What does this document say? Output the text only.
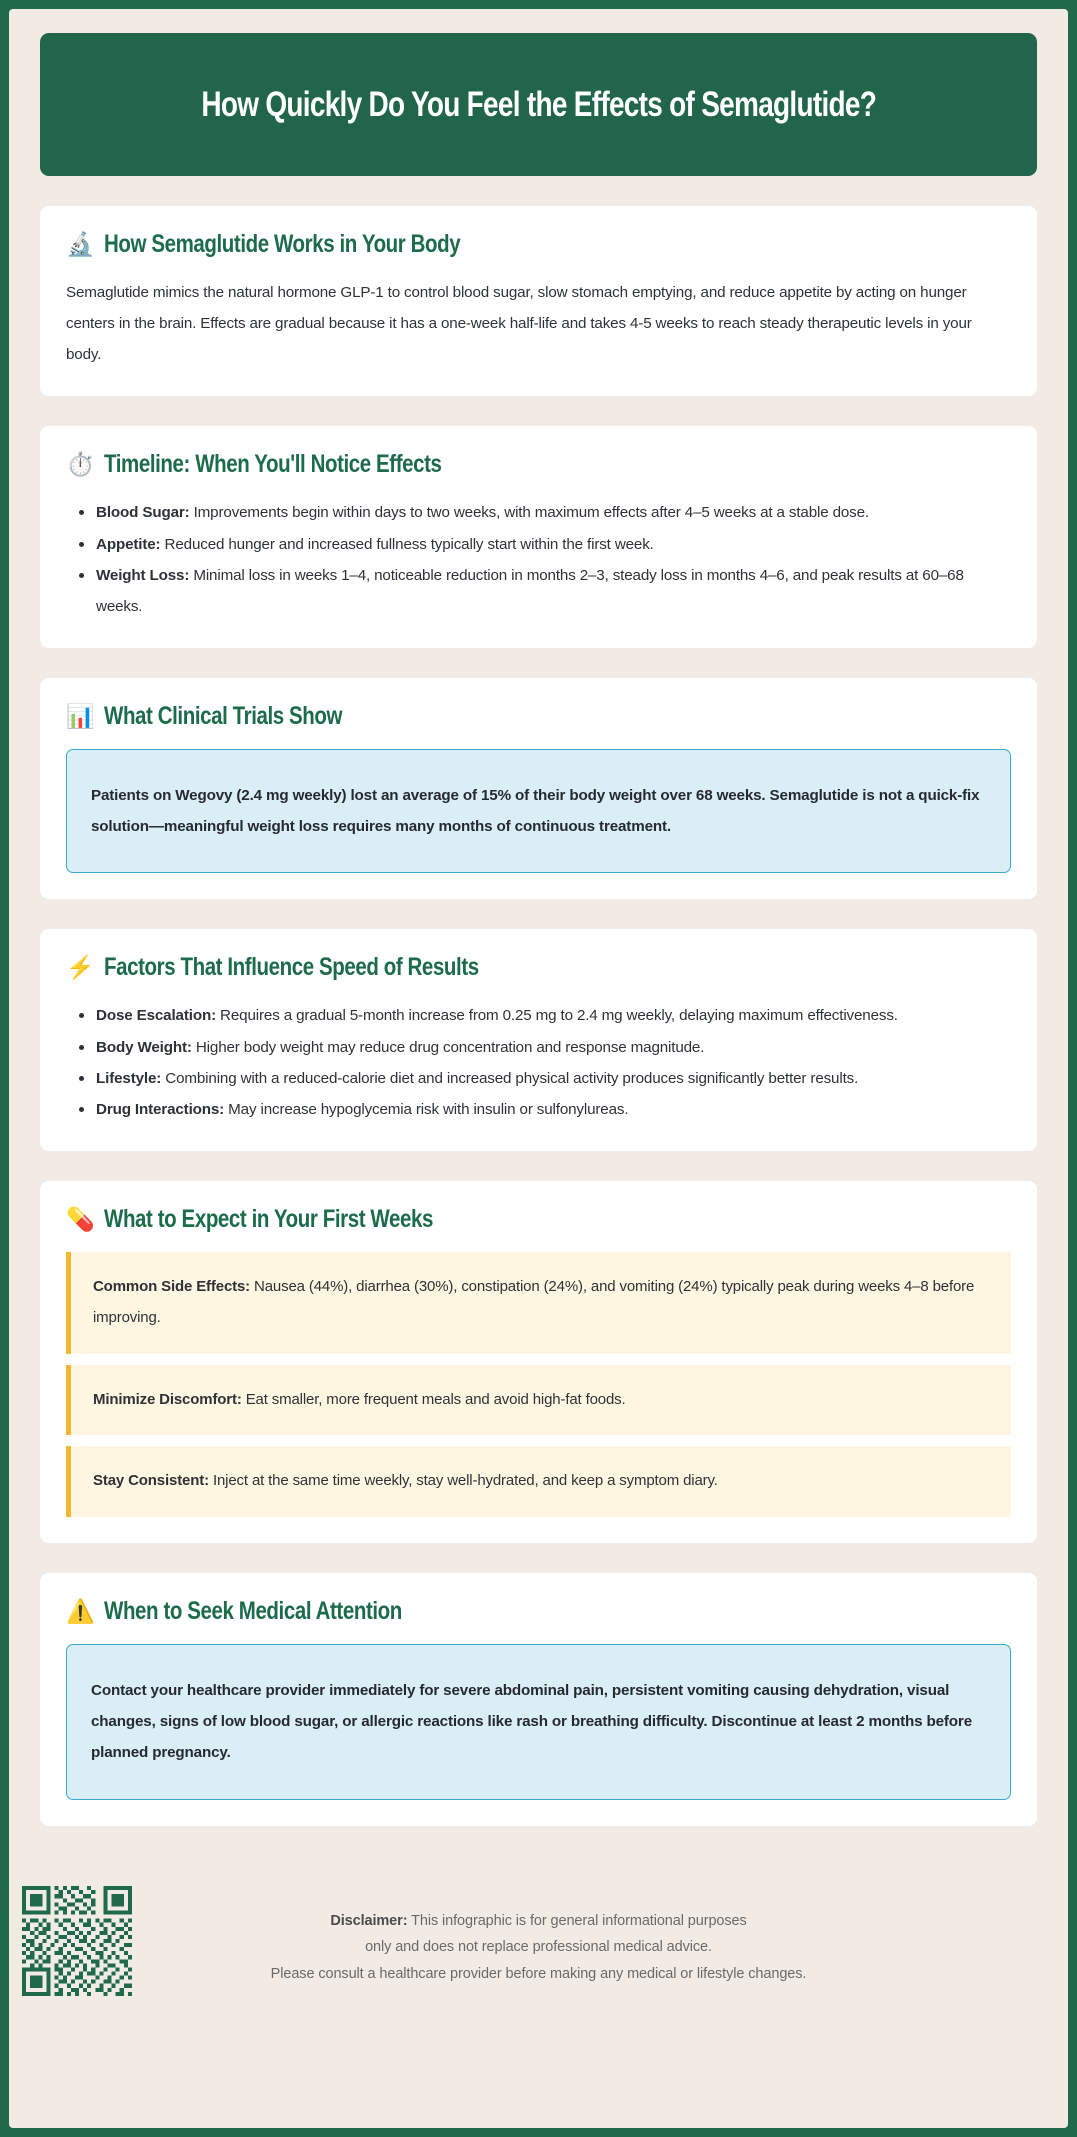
How Quickly Do You Feel the Effects of Semaglutide?
🔬 How Semaglutide Works in Your Body

Semaglutide mimics the natural hormone GLP-1 to control blood sugar, slow stomach emptying, and reduce appetite by acting on hunger centers in the brain. Effects are gradual because it has a one-week half-life and takes 4-5 weeks to reach steady therapeutic levels in your body.

⏱️ Timeline: When You'll Notice Effects
Blood Sugar: Improvements begin within days to two weeks, with maximum effects after 4–5 weeks at a stable dose.
Appetite: Reduced hunger and increased fullness typically start within the first week.
Weight Loss: Minimal loss in weeks 1–4, noticeable reduction in months 2–3, steady loss in months 4–6, and peak results at 60–68 weeks.
📊 What Clinical Trials Show

Patients on Wegovy (2.4 mg weekly) lost an average of 15% of their body weight over 68 weeks. Semaglutide is not a quick-fix solution—meaningful weight loss requires many months of continuous treatment.

⚡ Factors That Influence Speed of Results
Dose Escalation: Requires a gradual 5-month increase from 0.25 mg to 2.4 mg weekly, delaying maximum effectiveness.
Body Weight: Higher body weight may reduce drug concentration and response magnitude.
Lifestyle: Combining with a reduced-calorie diet and increased physical activity produces significantly better results.
Drug Interactions: May increase hypoglycemia risk with insulin or sulfonylureas.
💊 What to Expect in Your First Weeks

Common Side Effects: Nausea (44%), diarrhea (30%), constipation (24%), and vomiting (24%) typically peak during weeks 4–8 before improving.

Minimize Discomfort: Eat smaller, more frequent meals and avoid high-fat foods.

Stay Consistent: Inject at the same time weekly, stay well-hydrated, and keep a symptom diary.

⚠️ When to Seek Medical Attention

Contact your healthcare provider immediately for severe abdominal pain, persistent vomiting causing dehydration, visual changes, signs of low blood sugar, or allergic reactions like rash or breathing difficulty. Discontinue at least 2 months before planned pregnancy.

Disclaimer: This infographic is for general informational purposes
only and does not replace professional medical advice.
Please consult a healthcare provider before making any medical or lifestyle changes.
